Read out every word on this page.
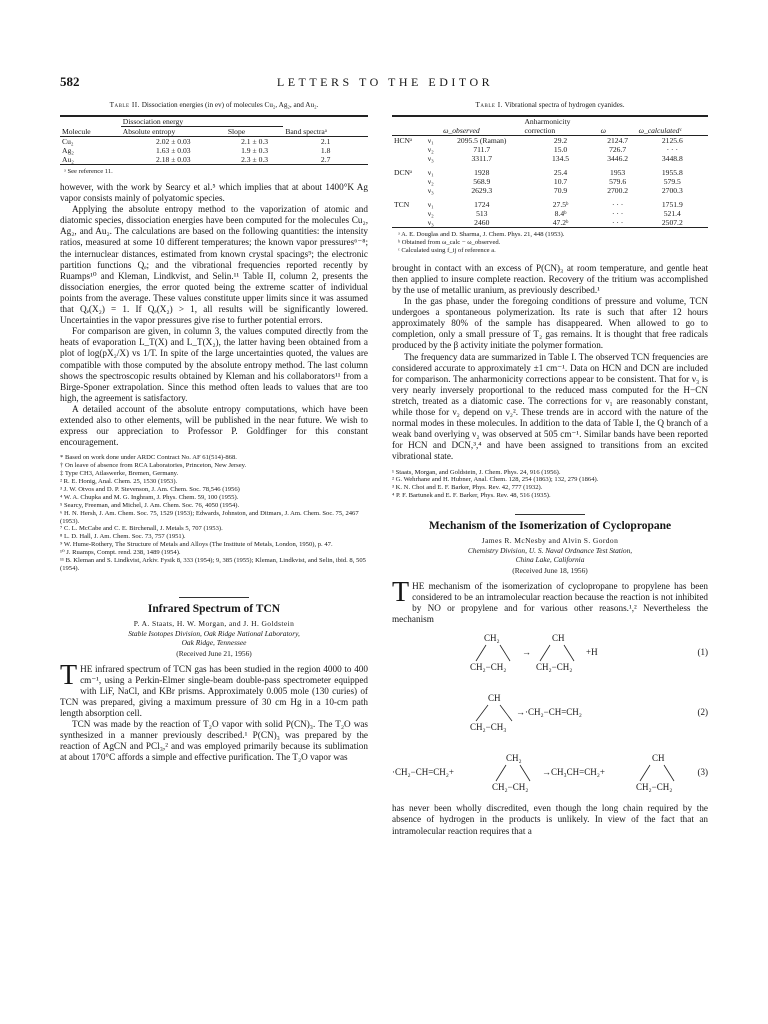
582	LETTERS TO THE EDITOR
Table II. Dissociation energies (in ev) of molecules Cu₂, Ag₂, and Au₂.
	Dissociation energy		
Molecule	Absolute entropy	Slope	Band spectraᵃ
Cu₂	2.02 ± 0.03	2.1 ± 0.3	2.1
Ag₂	1.63 ± 0.03	1.9 ± 0.3	1.8
Au₂	2.18 ± 0.03	2.3 ± 0.3	2.7
ᵃ See reference 11.

however, with the work by Searcy et al.⁵ which implies that at about 1400°K Ag vapor consists mainly of polyatomic species.

Applying the absolute entropy method to the vaporization of atomic and diatomic species, dissociation energies have been computed for the molecules Cu₂, Ag₂, and Au₂. The calculations are based on the following quantities: the intensity ratios, measured at some 10 different temperatures; the known vapor pressures⁶⁻⁸; the internuclear distances, estimated from known crystal spacings⁹; the electronic partition functions Qₑ; and the vibrational frequencies reported recently by Ruamps¹⁰ and Kleman, Lindkvist, and Selin.¹¹ Table II, column 2, presents the dissociation energies, the error quoted being the extreme scatter of individual points from the average. These values constitute upper limits since it was assumed that Qₑ(X₂) = 1. If Qₑ(X₂) > 1, all results will be significantly lowered. Uncertainties in the vapor pressures give rise to further potential errors.

For comparison are given, in column 3, the values computed directly from the heats of evaporation L_T(X) and L_T(X₂), the latter having been obtained from a plot of log(pX₂/X) vs 1/T. In spite of the large uncertainties quoted, the values are compatible with those computed by the absolute entropy method. The last column shows the spectroscopic results obtained by Kleman and his collaborators¹¹ from a Birge-Sponer extrapolation. Since this method often leads to values that are too high, the agreement is satisfactory.

A detailed account of the absolute entropy computations, which have been extended also to other elements, will be published in the near future. We wish to express our appreciation to Professor P. Goldfinger for this constant encouragement.

* Based on work done under ARDC Contract No. AF 61(514)-868.
† On leave of absence from RCA Laboratories, Princeton, New Jersey.
‡ Type CH3, Atlaswerke, Bremen, Germany.
² R. E. Honig, Anal. Chem. 25, 1530 (1953).
³ J. W. Otvos and D. P. Stevenson, J. Am. Chem. Soc. 78,546 (1956)
⁴ W. A. Chupka and M. G. Inghram, J. Phys. Chem. 59, 100 (1955).
⁵ Searcy, Freeman, and Michel, J. Am. Chem. Soc. 76, 4050 (1954).
⁶ H. N. Hersh, J. Am. Chem. Soc. 75, 1529 (1953); Edwards, Johnston, and Ditmars, J. Am. Chem. Soc. 75, 2467 (1953).
⁷ C. L. McCabe and C. E. Birchenall, J. Metals 5, 707 (1953).
⁸ L. D. Hall, J. Am. Chem. Soc. 73, 757 (1951).
⁹ W. Hume-Rothery, The Structure of Metals and Alloys (The Institute of Metals, London, 1950), p. 47.
¹⁰ J. Ruamps, Compt. rend. 238, 1489 (1954).
¹¹ B. Kleman and S. Lindkvist, Arkiv. Fysik 8, 333 (1954); 9, 385 (1955); Kleman, Lindkvist, and Selin, ibid. 8, 505 (1954).
Infrared Spectrum of TCN
P. A. Staats, H. W. Morgan, and J. H. Goldstein
Stable Isotopes Division, Oak Ridge National Laboratory,
Oak Ridge, Tennessee
(Received June 21, 1956)

THE infrared spectrum of TCN gas has been studied in the region 4000 to 400 cm⁻¹, using a Perkin-Elmer single-beam double-pass spectrometer equipped with LiF, NaCl, and KBr prisms. Approximately 0.005 mole (130 curies) of TCN was prepared, giving a maximum pressure of 30 cm Hg in a 10-cm path length absorption cell.

TCN was made by the reaction of T₂O vapor with solid P(CN)₃. The T₂O was synthesized in a manner previously described.¹ P(CN)₃ was prepared by the reaction of AgCN and PCl₃,² and was employed primarily because its sublimation at about 170°C affords a simple and effective purification. The T₂O vapor was

Table I. Vibrational spectra of hydrogen cyanides.
			Anharmonicity		
		ω_observed	correction	ω	ω_calculatedᶜ
HCNᵃ	ν₁	2095.5 (Raman)	29.2	2124.7	2125.6
	ν₂	711.7	15.0	726.7	· · ·
	ν₃	3311.7	134.5	3446.2	3448.8

DCNᵃ	ν₁	1928	25.4	1953	1955.8
	ν₂	568.9	10.7	579.6	579.5
	ν₃	2629.3	70.9	2700.2	2700.3

TCN	ν₁	1724	27.5ᵇ	· · ·	1751.9
	ν₂	513	8.4ᵇ	· · ·	521.4
	ν₃	2460	47.2ᵇ	· · ·	2507.2
ᵃ A. E. Douglas and D. Sharma, J. Chem. Phys. 21, 448 (1953).
ᵇ Obtained from ω_calc − ω_observed.
ᶜ Calculated using f_ij of reference a.

brought in contact with an excess of P(CN)₃ at room temperature, and gentle heat then applied to insure complete reaction. Recovery of the tritium was accomplished by the use of metallic uranium, as previously described.¹

In the gas phase, under the foregoing conditions of pressure and volume, TCN undergoes a spontaneous polymerization. Its rate is such that after 12 hours approximately 80% of the sample has disappeared. When allowed to go to completion, only a small pressure of T₂ gas remains. It is thought that free radicals produced by the β activity initiate the polymer formation.

The frequency data are summarized in Table I. The observed TCN frequencies are considered accurate to approximately ±1 cm⁻¹. Data on HCN and DCN are included for comparison. The anharmonicity corrections appear to be consistent. That for ν₃ is very nearly inversely proportional to the reduced mass computed for the H−CN stretch, treated as a diatomic case. The corrections for ν₁ are reasonably constant, while those for ν₂ depend on ν₂². These trends are in accord with the nature of the normal modes in these molecules. In addition to the data of Table I, the Q branch of a weak band overlying ν₂ was observed at 505 cm⁻¹. Similar bands have been reported for HCN and DCN,³,⁴ and have been assigned to transitions from an excited vibrational state.

¹ Staats, Morgan, and Goldstein, J. Chem. Phys. 24, 916 (1956).
² G. Wehrhane and H. Hubner, Anal. Chem. 128, 254 (1863); 132, 279 (1864).
³ K. N. Choi and E. F. Barker, Phys. Rev. 42, 777 (1932).
⁴ P. F. Bartunek and E. F. Barker, Phys. Rev. 48, 516 (1935).
Mechanism of the Isomerization of Cyclopropane
James R. McNesby and Alvin S. Gordon
Chemistry Division, U. S. Naval Ordnance Test Station,
China Lake, California
(Received June 18, 1956)

THE mechanism of the isomerization of cyclopropane to propylene has been considered to be an intramolecular reaction because the reaction is not inhibited by NO or propylene and for various other reasons.¹,² Nevertheless the mechanism

CH₂
CH₂−CH₂
→
CH
CH₂−CH₂
+H	(1)
CH
CH₂−CH₃
→·CH₂−CH=CH₂	(2)
·CH₂−CH=CH₂+
CH₂
CH₂−CH₂
→CH₃CH=CH₂+
CH
CH₂−CH₂
(3)

has never been wholly discredited, even though the long chain required by the absence of hydrogen in the products is unlikely. In view of the fact that an intramolecular reaction requires that a
